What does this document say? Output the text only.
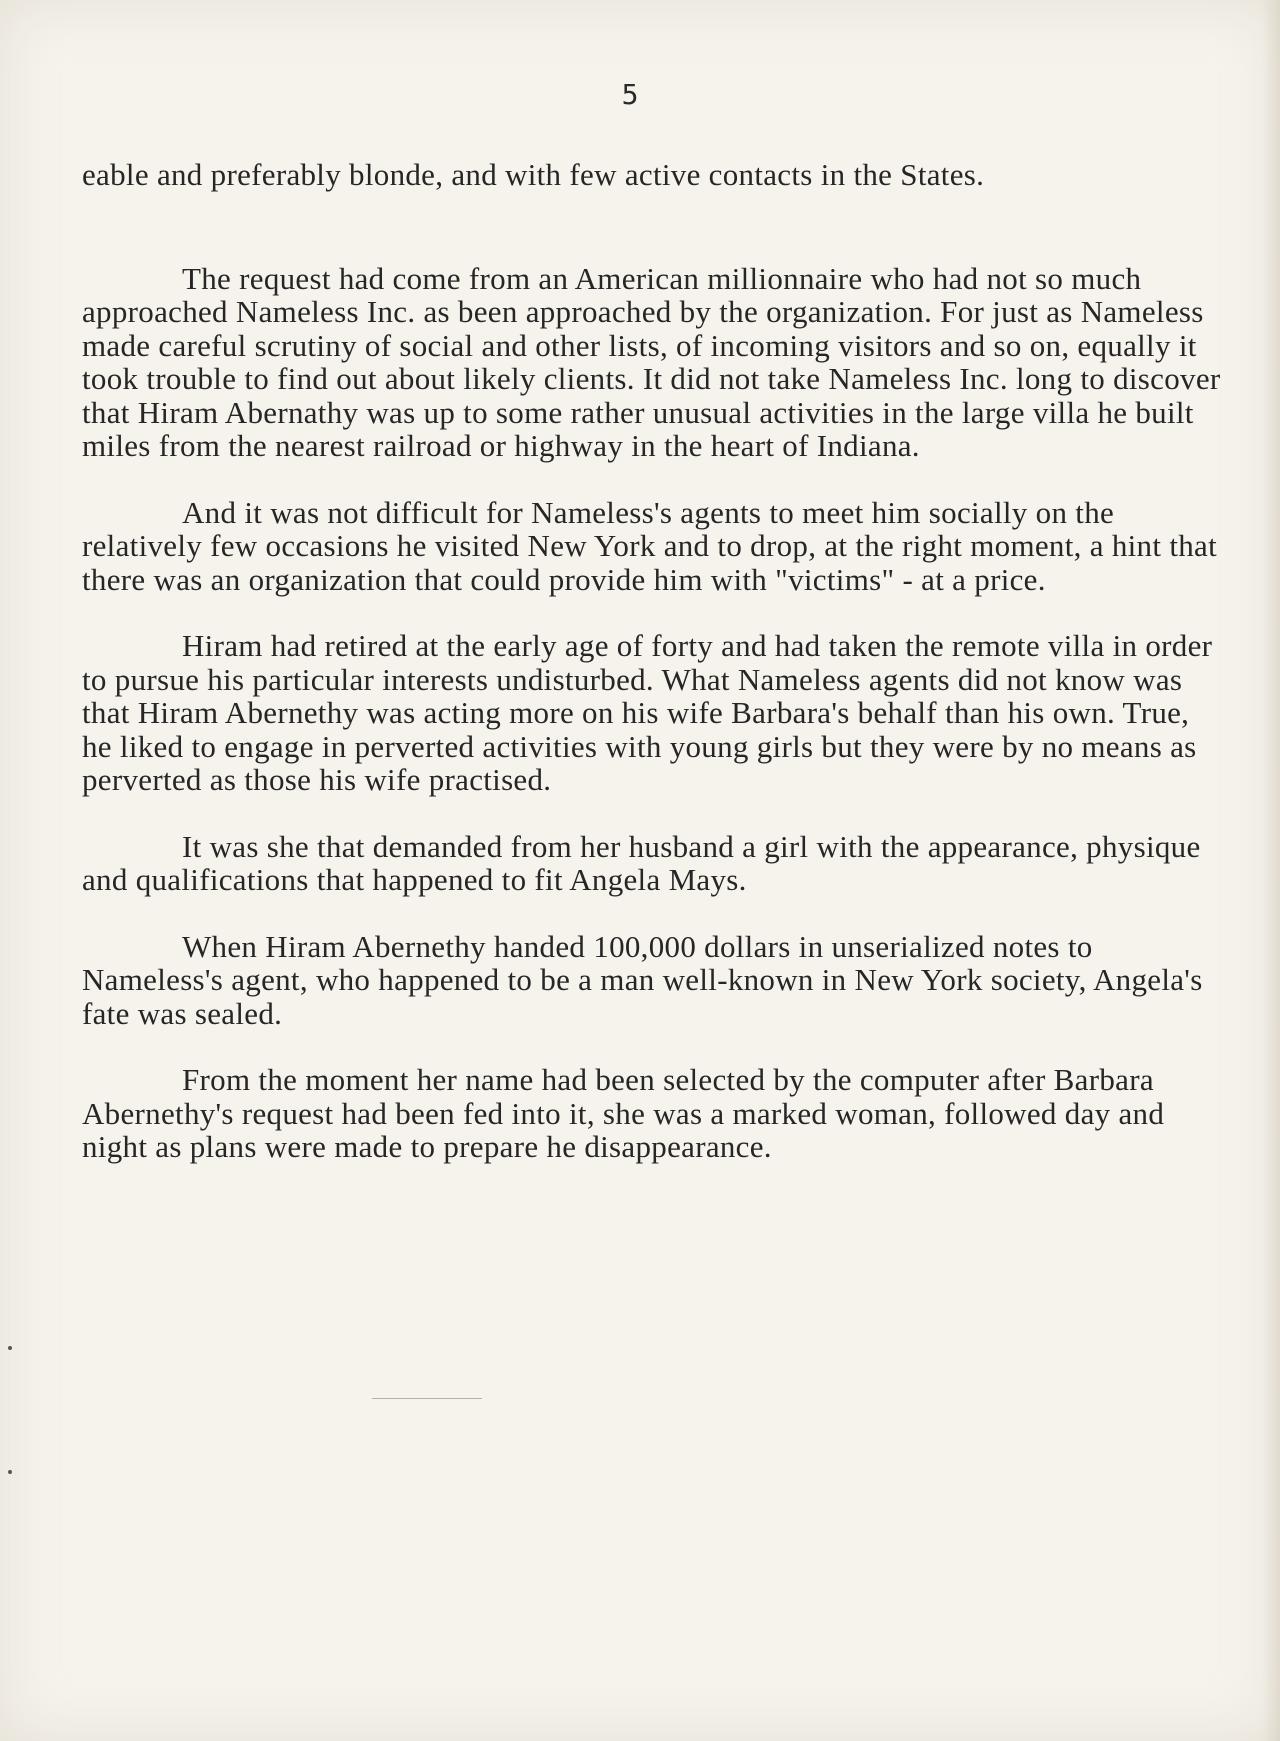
5

eable and preferably blonde, and with few active contacts in the States.

The request had come from an American millionnaire who had not so much approached Nameless Inc. as been approached by the organization. For just as Nameless made careful scrutiny of social and other lists, of incoming visitors and so on, equally it took trouble to find out about likely clients. It did not take Nameless Inc. long to discover that Hiram Abernathy was up to some rather unusual activities in the large villa he built miles from the nearest railroad or highway in the heart of Indiana.

And it was not difficult for Nameless's agents to meet him socially on the relatively few occasions he visited New York and to drop, at the right moment, a hint that there was an organization that could provide him with "victims" - at a price.

Hiram had retired at the early age of forty and had taken the remote villa in order to pursue his particular interests undisturbed. What Nameless agents did not know was that Hiram Abernethy was acting more on his wife Barbara's behalf than his own. True, he liked to engage in perverted activities with young girls but they were by no means as perverted as those his wife practised.

It was she that demanded from her husband a girl with the appearance, physique and qualifications that happened to fit Angela Mays.

When Hiram Abernethy handed 100,000 dollars in unserialized notes to Nameless's agent, who happened to be a man well-known in New York society, Angela's fate was sealed.

From the moment her name had been selected by the computer after Barbara Abernethy's request had been fed into it, she was a marked woman, followed day and night as plans were made to prepare he disappearance.
